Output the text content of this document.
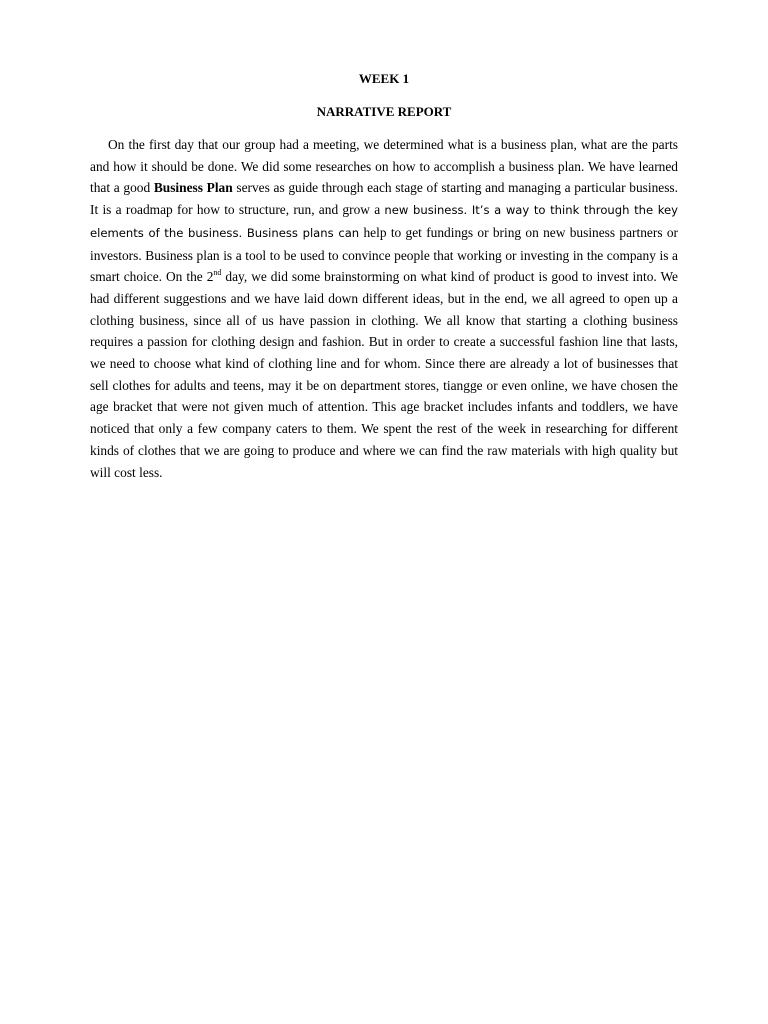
WEEK 1
NARRATIVE REPORT

On the first day that our group had a meeting, we determined what is a business plan, what are the parts and how it should be done. We did some researches on how to accomplish a business plan. We have learned that a good Business Plan serves as guide through each stage of starting and managing a particular business. It is a roadmap for how to structure, run, and grow a new business. It’s a way to think through the key elements of the business. Business plans can help to get fundings or bring on new business partners or investors. Business plan is a tool to be used to convince people that working or investing in the company is a smart choice. On the 2nd day, we did some brainstorming on what kind of product is good to invest into. We had different suggestions and we have laid down different ideas, but in the end, we all agreed to open up a clothing business, since all of us have passion in clothing. We all know that starting a clothing business requires a passion for clothing design and fashion. But in order to create a successful fashion line that lasts, we need to choose what kind of clothing line and for whom. Since there are already a lot of businesses that sell clothes for adults and teens, may it be on department stores, tiangge or even online, we have chosen the age bracket that were not given much of attention. This age bracket includes infants and toddlers, we have noticed that only a few company caters to them. We spent the rest of the week in researching for different kinds of clothes that we are going to produce and where we can find the raw materials with high quality but will cost less.
